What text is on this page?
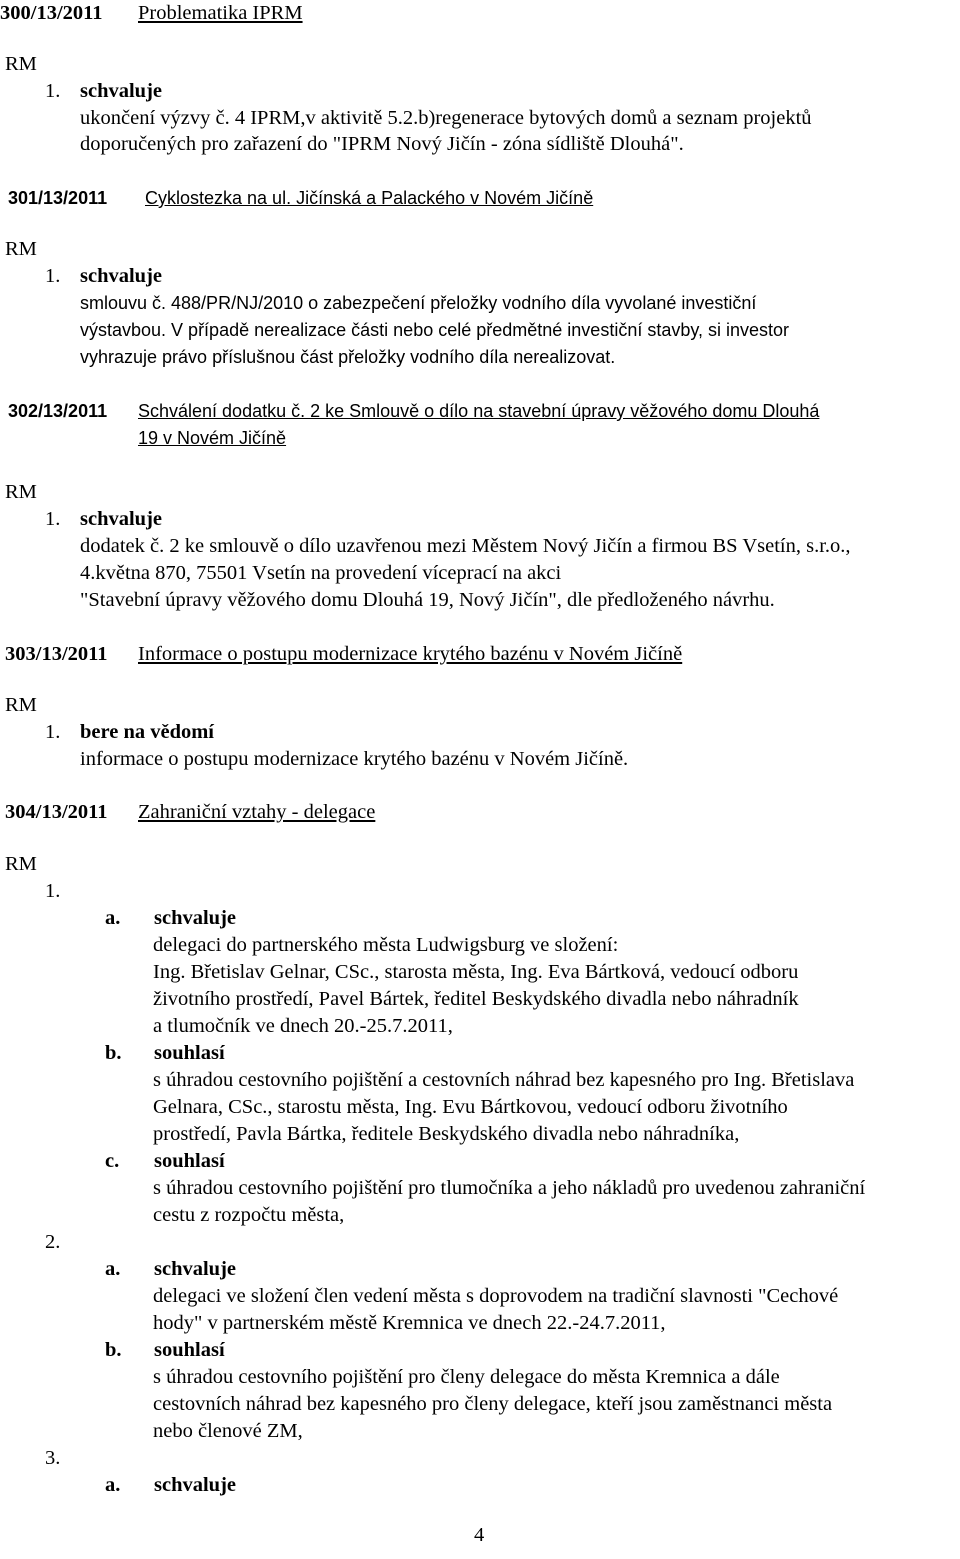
300/13/2011 Problematika IPRM
RM
1. schvaluje
ukončení výzvy č. 4 IPRM,v aktivitě 5.2.b)regenerace bytových domů a seznam projektů
doporučených pro zařazení do "IPRM Nový Jičín - zóna sídliště Dlouhá".
301/13/2011 Cyklostezka na ul. Jičínská a Palackého v Novém Jičíně
RM
1. schvaluje
smlouvu č. 488/PR/NJ/2010 o zabezpečení přeložky vodního díla vyvolané investiční
výstavbou. V případě nerealizace části nebo celé předmětné investiční stavby, si investor
vyhrazuje právo příslušnou část přeložky vodního díla nerealizovat.
302/13/2011 Schválení dodatku č. 2 ke Smlouvě o dílo na stavební úpravy věžového domu Dlouhá
19 v Novém Jičíně
RM
1. schvaluje
dodatek č. 2 ke smlouvě o dílo uzavřenou mezi Městem Nový Jičín a firmou BS Vsetín, s.r.o.,
4.května 870, 75501 Vsetín na provedení víceprací na akci
"Stavební úpravy věžového domu Dlouhá 19, Nový Jičín", dle předloženého návrhu.
303/13/2011 Informace o postupu modernizace krytého bazénu v Novém Jičíně
RM
1. bere na vědomí
informace o postupu modernizace krytého bazénu v Novém Jičíně.
304/13/2011 Zahraniční vztahy - delegace
RM
1.
a. schvaluje
delegaci do partnerského města Ludwigsburg ve složení:
Ing. Břetislav Gelnar, CSc., starosta města, Ing. Eva Bártková, vedoucí odboru
životního prostředí, Pavel Bártek, ředitel Beskydského divadla nebo náhradník
a tlumočník ve dnech 20.-25.7.2011,
b. souhlasí
s úhradou cestovního pojištění a cestovních náhrad bez kapesného pro Ing. Břetislava
Gelnara, CSc., starostu města, Ing. Evu Bártkovou, vedoucí odboru životního
prostředí, Pavla Bártka, ředitele Beskydského divadla nebo náhradníka,
c. souhlasí
s úhradou cestovního pojištění pro tlumočníka a jeho nákladů pro uvedenou zahraniční
cestu z rozpočtu města,
2.
a. schvaluje
delegaci ve složení člen vedení města s doprovodem na tradiční slavnosti "Cechové
hody" v partnerském městě Kremnica ve dnech 22.-24.7.2011,
b. souhlasí
s úhradou cestovního pojištění pro členy delegace do města Kremnica a dále
cestovních náhrad bez kapesného pro členy delegace, kteří jsou zaměstnanci města
nebo členové ZM,
3.
a. schvaluje
4
